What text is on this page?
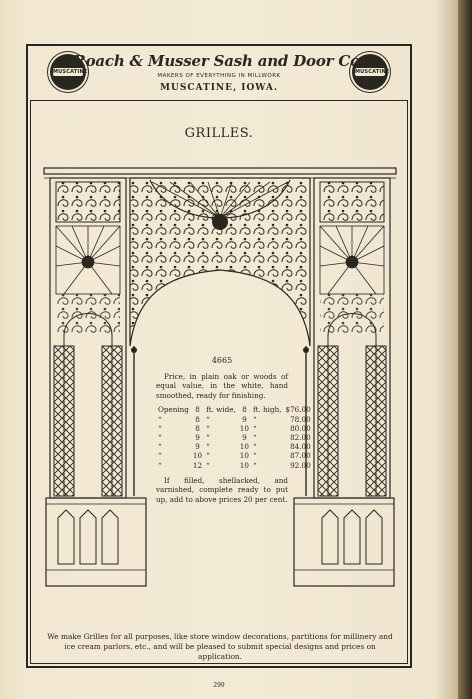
MUSCATINE	MUSCATINE
Roach & Musser Sash and Door Co.
MAKERS OF EVERYTHING IN MILLWORK
MUSCATINE, IOWA.
GRILLES.
4665

Price, in plain oak or woods of equal value, in the white, hand smoothed, ready for finishing.

Opening	8	ft. wide,	8	ft. high,	$76.00
“	8	“	9	“	78.00
“	8	“	10	“	80.00
“	9	“	9	“	82.00
“	9	“	10	“	84.00
“	10	“	10	“	87.00
“	12	“	10	“	92.00

If filled, shellacked, and varnished, complete ready to put up, add to above prices 20 per cent.

We make Grilles for all purposes, like store window decorations, partitions for millinery and ice cream parlors, etc., and will be pleased to submit special designs and prices on application.
299
